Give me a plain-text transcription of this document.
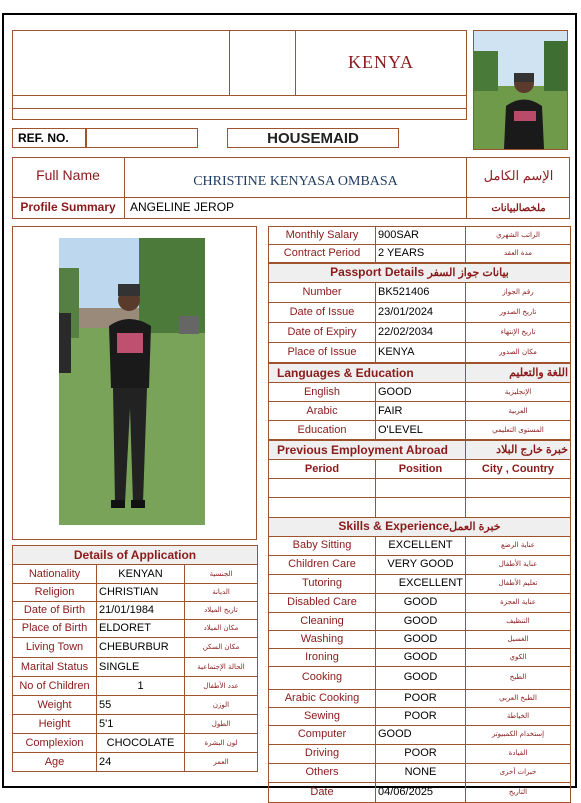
KENYA
REF. NO.	HOUSEMAID
Full Name	CHRISTINE KENYASA OMBASA	الإسم الكامل
Profile Summary	ANGELINE JEROP	ملخصالبيانات
Monthly Salary	900SAR	الراتب الشهري
Contract Period	2 YEARS	مدة العقد
Passport Details بيانات جواز السفر		
Number	BK521406	رقم الجواز
Date of Issue	23/01/2024	تاريخ الصدور
Date of Expiry	22/02/2034	تاريخ الإنتهاء
Place of Issue	KENYA	مكان الصدور
Languages & Education		اللغة والتعليم
English	GOOD	الإنجليزية
Arabic	FAIR	العربية
Education	O'LEVEL	المستوى التعليمي
Previous Employment Abroad		خبرة خارج البلاد
Period	Position	City , Country

Skills & Experienceخبرة العمل		
Baby Sitting	EXCELLENT	عناية الرضع
Children Care	VERY GOOD	عناية الأطفال
Tutoring	EXCELLENT	تعليم الأطفال
Disabled Care	GOOD	عناية العجزة
Cleaning	GOOD	التنظيف
Washing	GOOD	الغسيل
Ironing	GOOD	الكوي
Cooking	GOOD	الطبخ
Arabic Cooking	POOR	الطبخ العربي
Sewing	POOR	الخياطة
Computer	GOOD	إستخدام الكمبيوتر
Driving	POOR	القيادة
Others	NONE	خبرات أخرى
Date	04/06/2025	التاريخ
Details of Application		
Nationality	KENYAN	الجنسية
Religion	CHRISTIAN	الديانة
Date of Birth	21/01/1984	تاريخ الميلاد
Place of Birth	ELDORET	مكان الميلاد
Living Town	CHEBURBUR	مكان السكن
Marital Status	SINGLE	الحالة الإجتماعية
No of Children	1	عدد الأطفال
Weight	55	الوزن
Height	5'1	الطول
Complexion	CHOCOLATE	لون البشرة
Age	24	العمر
